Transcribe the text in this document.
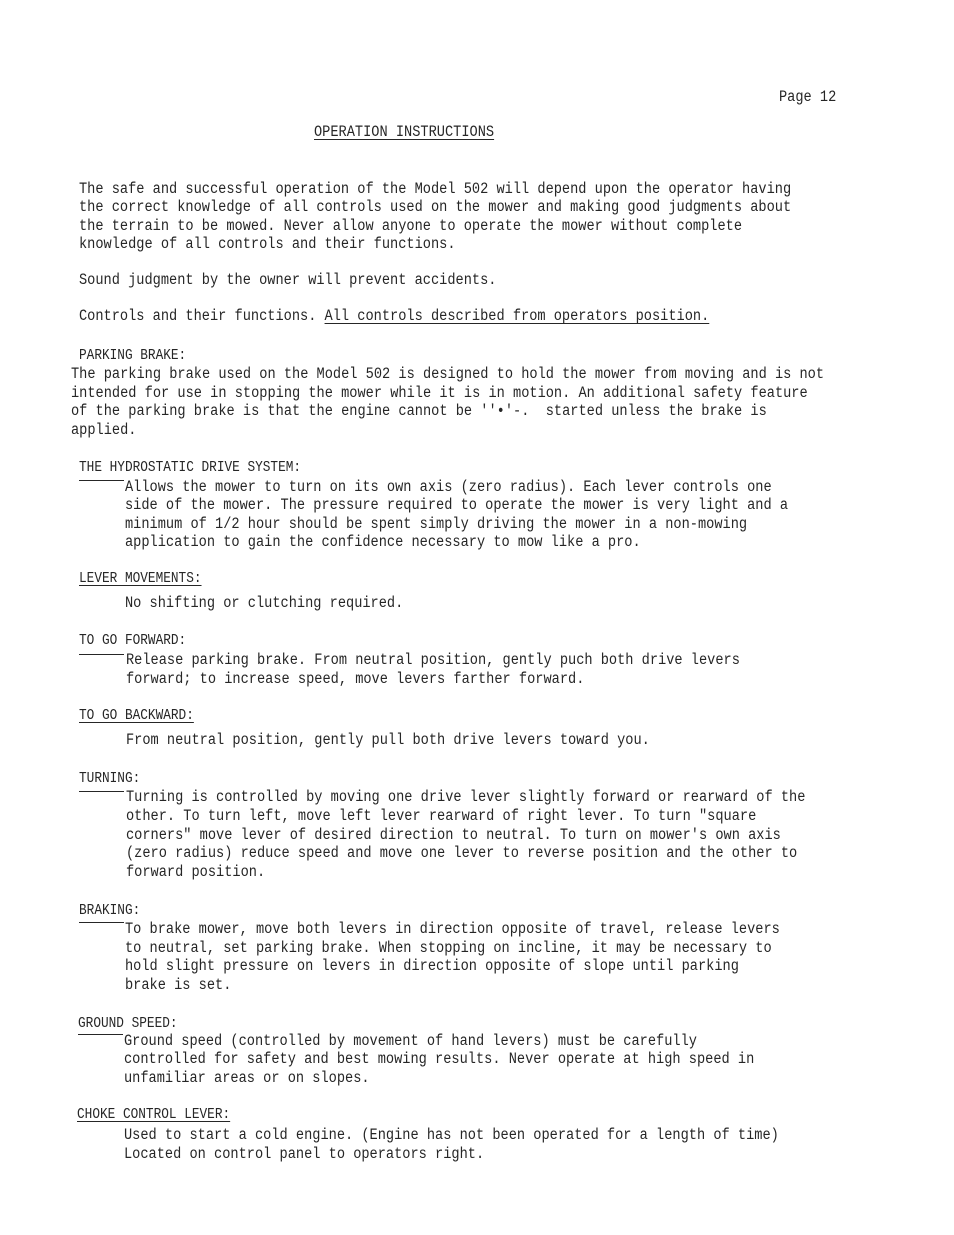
Page 12
OPERATION INSTRUCTIONS
The safe and successful operation of the Model 502 will depend upon the operator having
the correct knowledge of all controls used on the mower and making good judgments about
the terrain to be mowed. Never allow anyone to operate the mower without complete
knowledge of all controls and their functions.
Sound judgment by the owner will prevent accidents.
Controls and their functions. All controls described from operators position.
PARKING BRAKE:
The parking brake used on the Model 502 is designed to hold the mower from moving and is not
intended for use in stopping the mower while it is in motion. An additional safety feature
of the parking brake is that the engine cannot be ''•'-.  started unless the brake is
applied.
THE HYDROSTATIC DRIVE SYSTEM:
Allows the mower to turn on its own axis (zero radius). Each lever controls one
side of the mower. The pressure required to operate the mower is very light and a
minimum of 1/2 hour should be spent simply driving the mower in a non-mowing
application to gain the confidence necessary to mow like a pro.
LEVER MOVEMENTS:
No shifting or clutching required.
TO GO FORWARD:
Release parking brake. From neutral position, gently puch both drive levers
forward; to increase speed, move levers farther forward.
TO GO BACKWARD:
From neutral position, gently pull both drive levers toward you.
TURNING:
Turning is controlled by moving one drive lever slightly forward or rearward of the
other. To turn left, move left lever rearward of right lever. To turn "square
corners" move lever of desired direction to neutral. To turn on mower's own axis
(zero radius) reduce speed and move one lever to reverse position and the other to
forward position.
BRAKING:
To brake mower, move both levers in direction opposite of travel, release levers
to neutral, set parking brake. When stopping on incline, it may be necessary to
hold slight pressure on levers in direction opposite of slope until parking
brake is set.
GROUND SPEED:
Ground speed (controlled by movement of hand levers) must be carefully
controlled for safety and best mowing results. Never operate at high speed in
unfamiliar areas or on slopes.
CHOKE CONTROL LEVER:
Used to start a cold engine. (Engine has not been operated for a length of time)
Located on control panel to operators right.
